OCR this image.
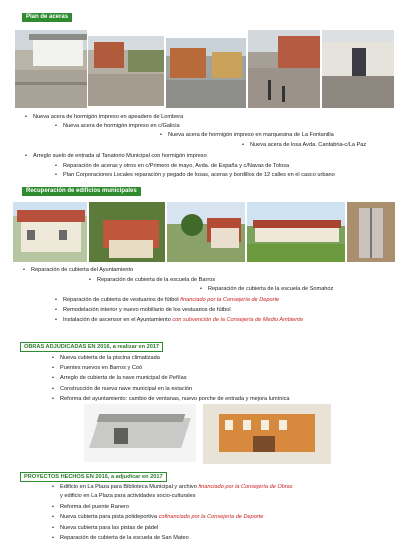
Plan de aceras
• Nueva acera de hormigón impreso en apeadero de Lombera
• Nueva acera de hormigón impreso en c/Galicia
• Nueva acera de hormigón impreso en marquesina de La Fontanilla
• Nueva acera de losa Avda. Cantabria-c/La Paz
• Arreglo suelo de entrada al Tanatorio Municipal con hormigón impreso
• Reparación de aceras y otros en c/Primero de mayo, Avda. de España y c/Navas de Tolosa
• Plan Corporaciones Locales reparación y pegado de losas, aceras y bordillos de 12 calles en el casco urbano
Recuperación de edificios municipales
• Reparación de cubierta del Ayuntamiento
• Reparación de cubierta de la escuela de Barros
• Reparación de cubierta de la escuela de Somahoz
• Reparación de cubierta de vestuarios de fútbol financiado por la Consejería de Deporte
• Remodelación interior y nuevo mobiliario de los vestuarios de fútbol
• Instalación de ascensor en el Ayuntamiento con subvención de la Consejería de Medio Ambiente
OBRAS ADJUDICADAS EN 2016, a realizar en 2017
• Nueva cubierta de la piscina climatizada
• Puentes nuevos en Barros y Coó
• Arreglo de cubierta de la nave municipal de Peñías
• Construcción de nueva nave municipal en la estación
• Reforma del ayuntamiento: cambio de ventanas, nuevo porche de entrada y mejora lumínica
PROYECTOS HECHOS EN 2016, a adjudicar en 2017
• Edificio en La Plaza para Biblioteca Municipal y archivo financiado por la Consejería de Obras
y edificio en La Plaza para actividades socio-culturales
• Reforma del puente Ranero
• Nueva cubierta para pista polideportiva cofinanciado por la Consejería de Deporte
• Nueva cubierta para las pistas de pádel
• Reparación de cubierta de la escuela de San Mateo
